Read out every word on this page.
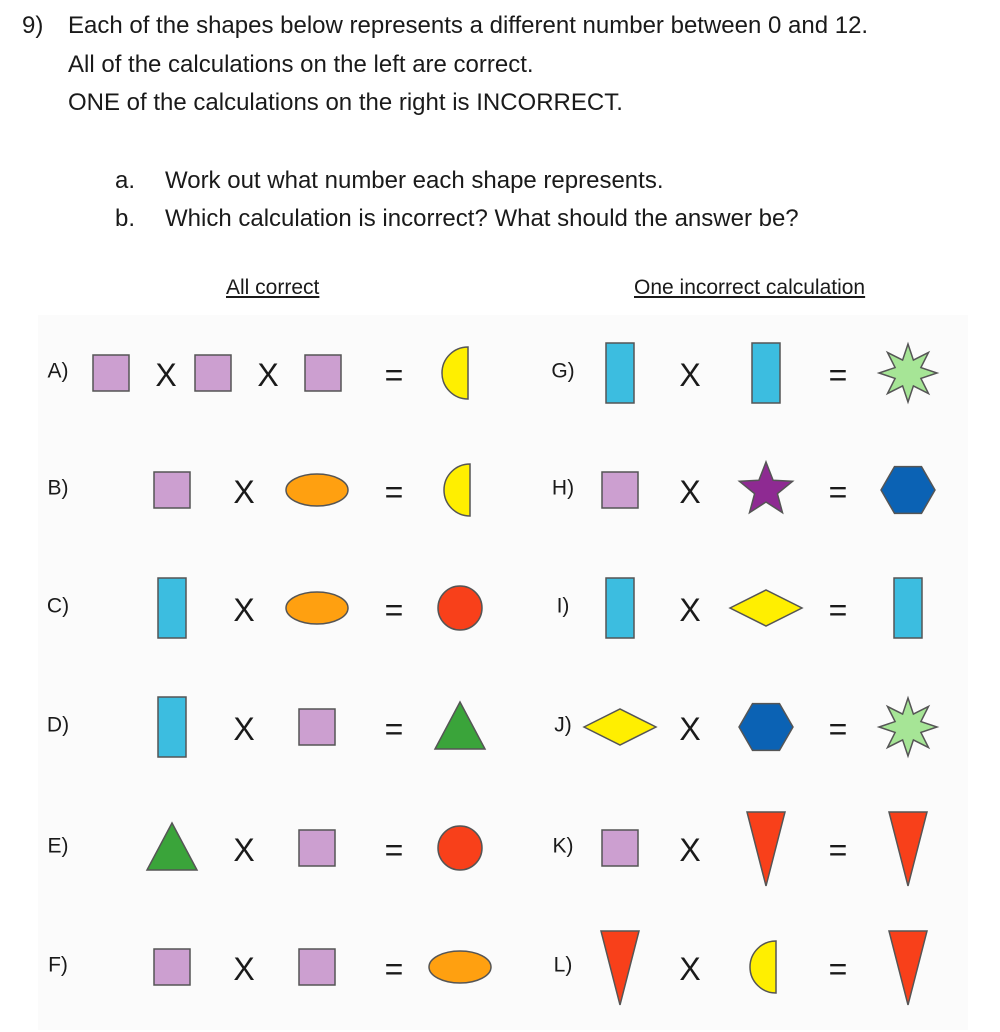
9) Each of the shapes below represents a different number between 0 and 12.
All of the calculations on the left are correct.
ONE of the calculations on the right is INCORRECT.
a. Work out what number each shape represents.
b. Which calculation is incorrect? What should the answer be?
All correct	One incorrect calculation
A)	X	X	=
B)	X	=
C)	X	=
D)	X	=
E)	X	=
F)	X	=
G)	X	=
H)	X	=
I)	X	=
J)	X	=
K)	X	=
L)	X	=
